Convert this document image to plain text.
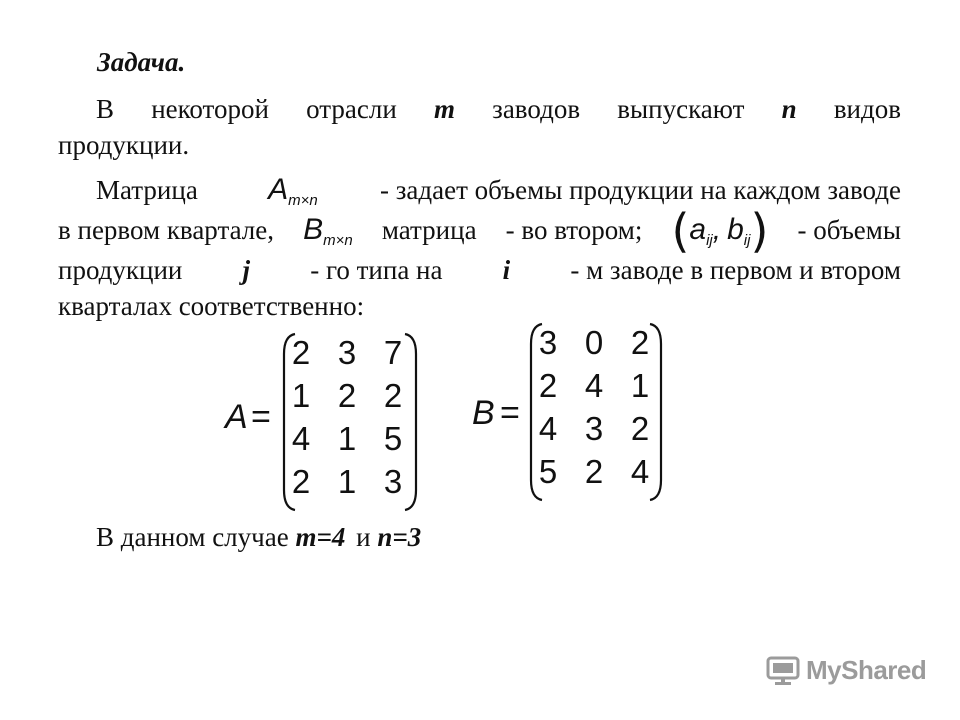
Задача.
В некоторой отрасли m заводов выпускают n видов
продукции.
Матрица $A_{m\times n}$ - задает объемы продукции на каждом заводе
в первом квартале, $B_{m\times n}$ матрица - во втором; ($a_{ij}$, $b_{ij}$) - объемы
продукции j - го типа на i - м заводе в первом и втором
кварталах соответственно:
A =
2 3 7
1 2 2
4 1 5
2 1 3
B =
3 0 2
2 4 1
4 3 2
5 2 4
В данном случае m=4 и n=3
MyShared
